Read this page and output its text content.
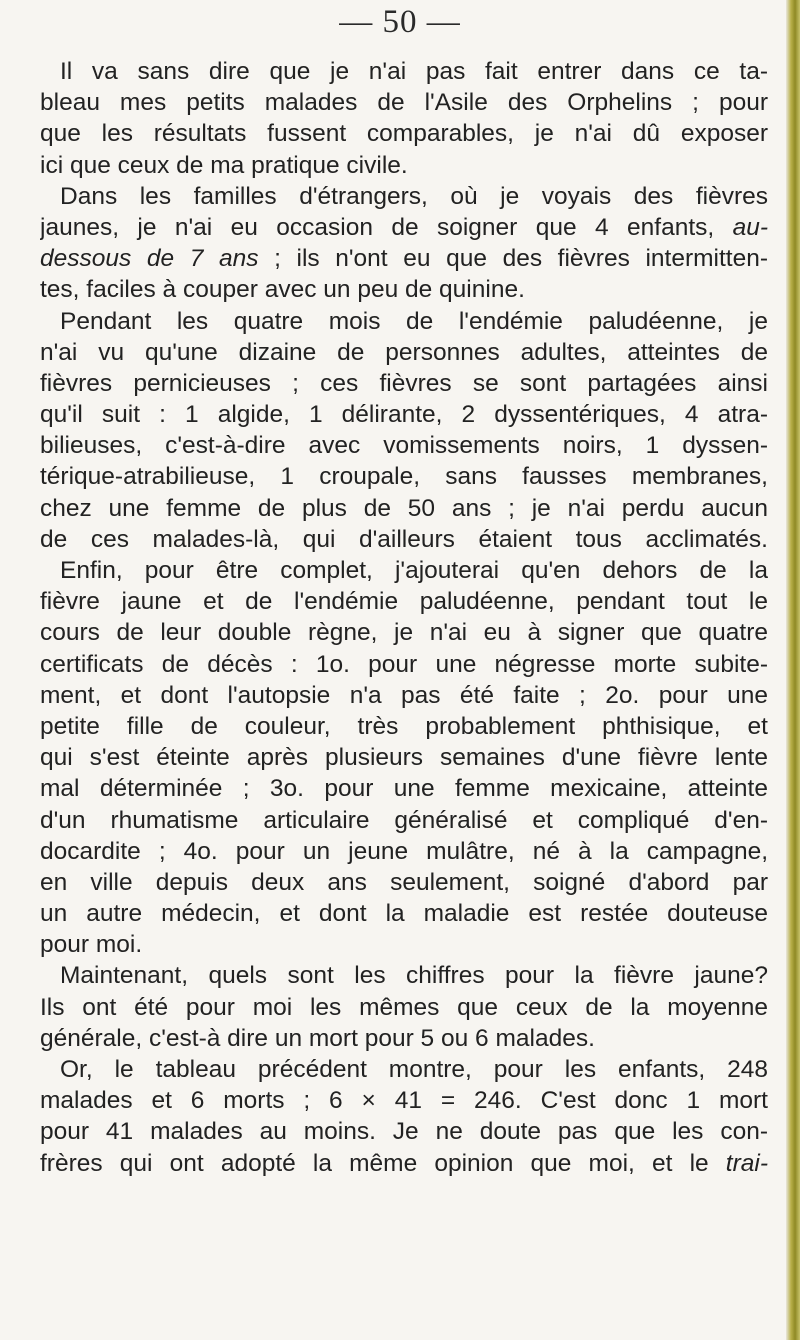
— 50 —
Il va sans dire que je n'ai pas fait entrer dans ce ta-
bleau mes petits malades de l'Asile des Orphelins ; pour
que les résultats fussent comparables, je n'ai dû exposer
ici que ceux de ma pratique civile.
Dans les familles d'étrangers, où je voyais des fièvres
jaunes, je n'ai eu occasion de soigner que 4 enfants, au-
dessous de 7 ans ; ils n'ont eu que des fièvres intermitten-
tes, faciles à couper avec un peu de quinine.
Pendant les quatre mois de l'endémie paludéenne, je
n'ai vu qu'une dizaine de personnes adultes, atteintes de
fièvres pernicieuses ; ces fièvres se sont partagées ainsi
qu'il suit : 1 algide, 1 délirante, 2 dyssentériques, 4 atra-
bilieuses, c'est-à-dire avec vomissements noirs, 1 dyssen-
térique-atrabilieuse, 1 croupale, sans fausses membranes,
chez une femme de plus de 50 ans ; je n'ai perdu aucun
de ces malades-là, qui d'ailleurs étaient tous acclimatés.
Enfin, pour être complet, j'ajouterai qu'en dehors de la
fièvre jaune et de l'endémie paludéenne, pendant tout le
cours de leur double règne, je n'ai eu à signer que quatre
certificats de décès : 1o. pour une négresse morte subite-
ment, et dont l'autopsie n'a pas été faite ; 2o. pour une
petite fille de couleur, très probablement phthisique, et
qui s'est éteinte après plusieurs semaines d'une fièvre lente
mal déterminée ; 3o. pour une femme mexicaine, atteinte
d'un rhumatisme articulaire généralisé et compliqué d'en-
docardite ; 4o. pour un jeune mulâtre, né à la campagne,
en ville depuis deux ans seulement, soigné d'abord par
un autre médecin, et dont la maladie est restée douteuse
pour moi.
Maintenant, quels sont les chiffres pour la fièvre jaune?
Ils ont été pour moi les mêmes que ceux de la moyenne
générale, c'est-à dire un mort pour 5 ou 6 malades.
Or, le tableau précédent montre, pour les enfants, 248
malades et 6 morts ; 6 × 41 = 246. C'est donc 1 mort
pour 41 malades au moins. Je ne doute pas que les con-
frères qui ont adopté la même opinion que moi, et le trai-
